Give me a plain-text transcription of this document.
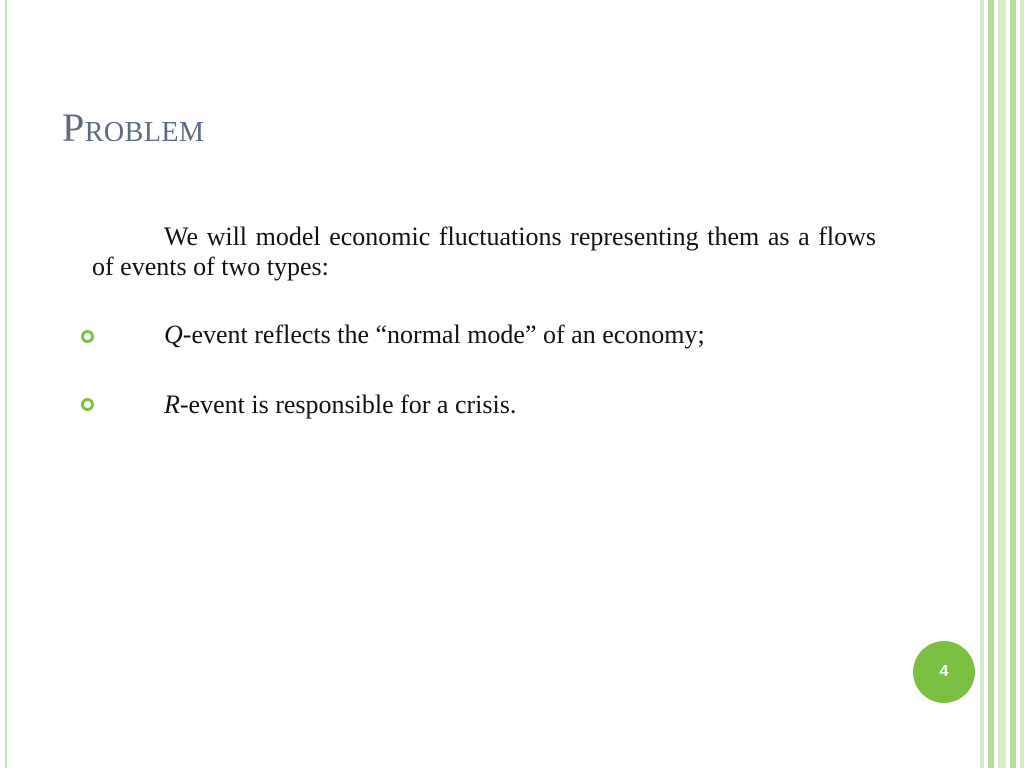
Problem
We will model economic fluctuations representing them as a flows of events of two types:
Q-event reflects the “normal mode” of an economy;
R-event is responsible for a crisis.
4
